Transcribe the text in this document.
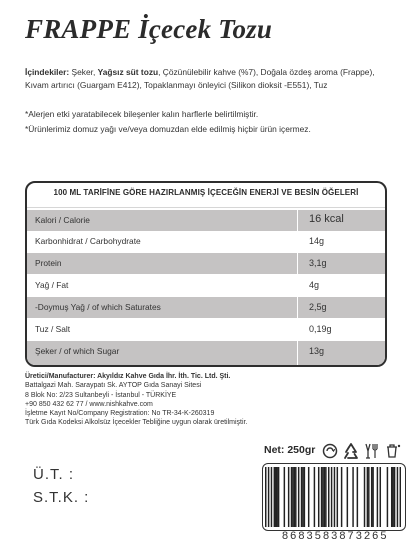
FRAPPE İçecek Tozu
İçindekiler: Şeker, Yağsız süt tozu, Çözünülebilir kahve (%7), Doğala özdeş aroma (Frappe), Kıvam artırıcı (Guargam E412), Topaklanmayı önleyici (Silikon dioksit -E551), Tuz
*Alerjen etki yaratabilecek bileşenler kalın harflerle belirtilmiştir.
*Ürünlerimiz domuz yağı ve/veya domuzdan elde edilmiş hiçbir ürün içermez.
100 ML TARİFİNE GÖRE HAZIRLANMIŞ İÇECEĞİN ENERJİ VE BESİN ÖĞELERİ
Kalori / Calorie	16 kcal
Karbonhidrat / Carbohydrate	14g
Protein	3,1g
Yağ / Fat	4g
-Doymuş Yağ / of which Saturates	2,5g
Tuz / Salt	0,19g
Şeker / of which Sugar	13g
Üretici/Manufacturer: Akyıldız Kahve Gıda İhr. İth. Tic. Ltd. Şti.
Battalgazi Mah. Saraypatı Sk. AYTOP Gıda Sanayi Sitesi
8 Blok No: 2/23 Sultanbeyli - İstanbul - TÜRKİYE
+90 850 432 62 77 / www.nishkahve.com
İşletme Kayıt No/Company Registration: No TR-34-K-260319
Türk Gıda Kodeksi Alkolsüz İçecekler Tebliğine uygun olarak üretilmiştir.
Ü.T. :
S.T.K. :
Net: 250gr
8683583873265
